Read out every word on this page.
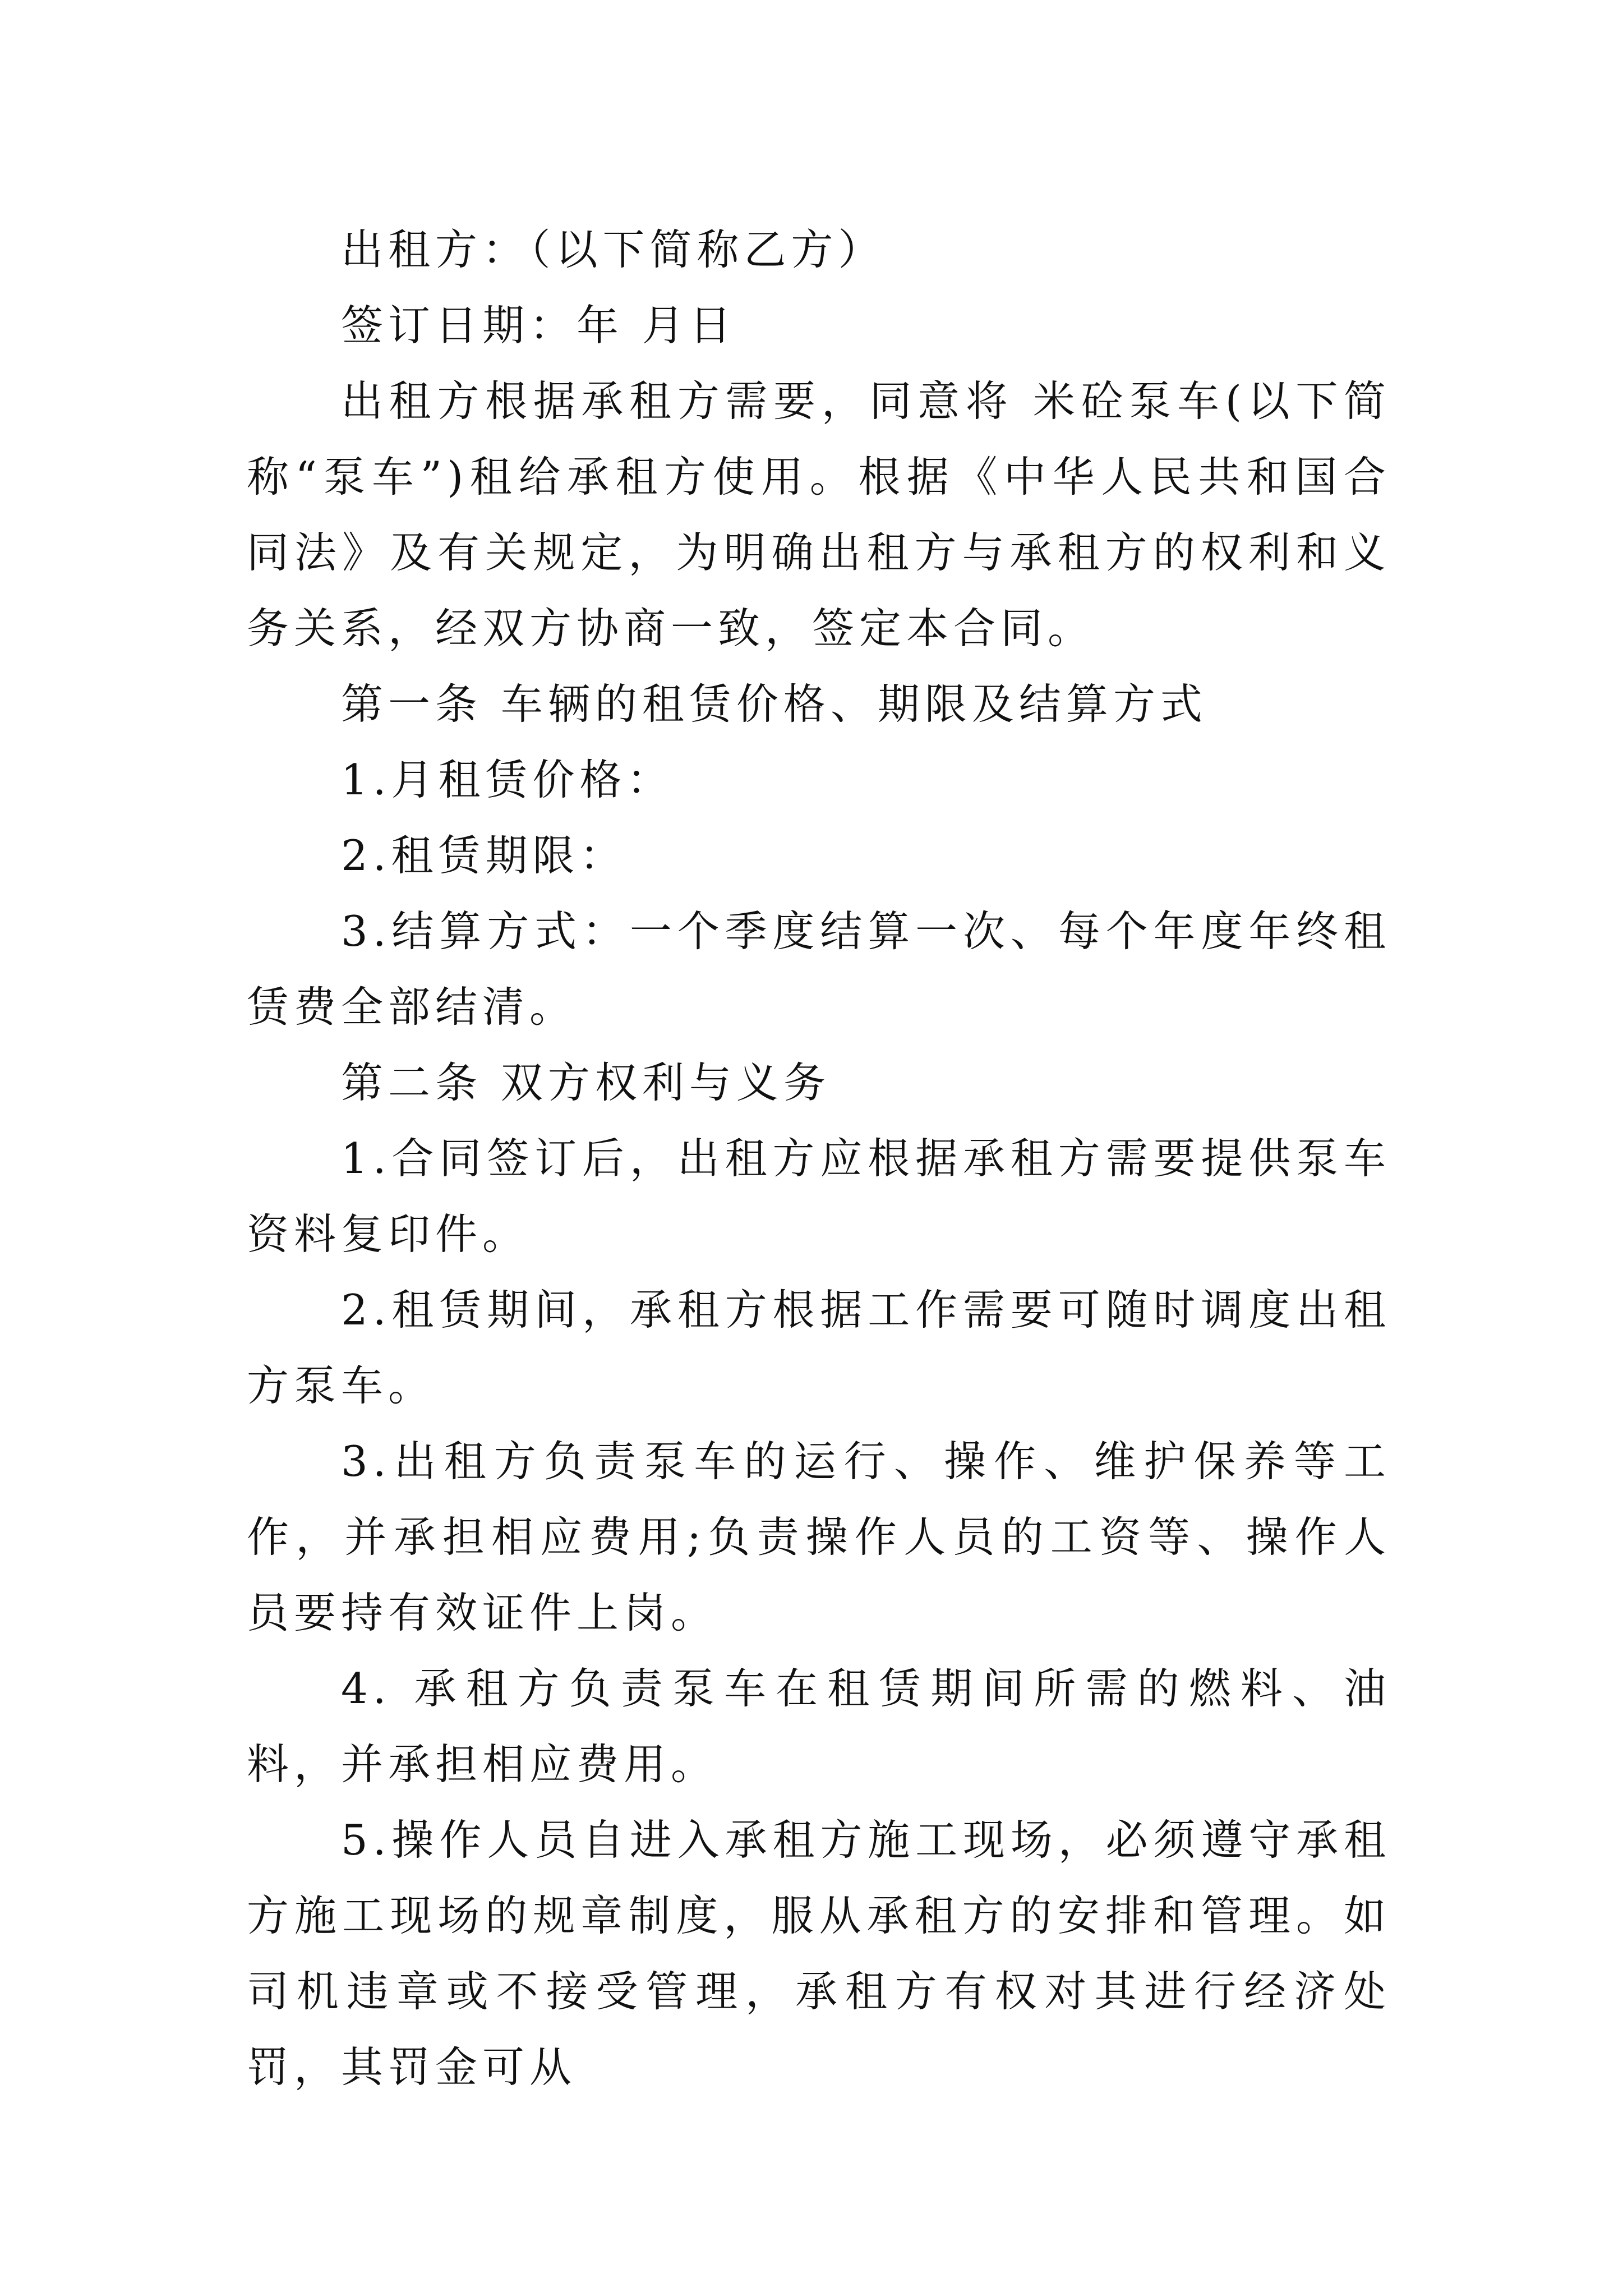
出租方：（以下简称乙方）

签订日期：年 月日

出租方根据承租方需要，同意将 米砼泵车(以下简称“泵车”)租给承租方使用。根据《中华人民共和国合同法》及有关规定，为明确出租方与承租方的权利和义务关系，经双方协商一致，签定本合同。

第一条 车辆的租赁价格、期限及结算方式

1.月租赁价格：

2.租赁期限：

3.结算方式：一个季度结算一次、每个年度年终租赁费全部结清。

第二条 双方权利与义务

1.合同签订后，出租方应根据承租方需要提供泵车资料复印件。

2.租赁期间，承租方根据工作需要可随时调度出租方泵车。

3.出租方负责泵车的运行、操作、维护保养等工作，并承担相应费用;负责操作人员的工资等、操作人员要持有效证件上岗。

4. 承租方负责泵车在租赁期间所需的燃料、油料，并承担相应费用。

5.操作人员自进入承租方施工现场，必须遵守承租方施工现场的规章制度，服从承租方的安排和管理。如司机违章或不接受管理，承租方有权对其进行经济处罚，其罚金可从
